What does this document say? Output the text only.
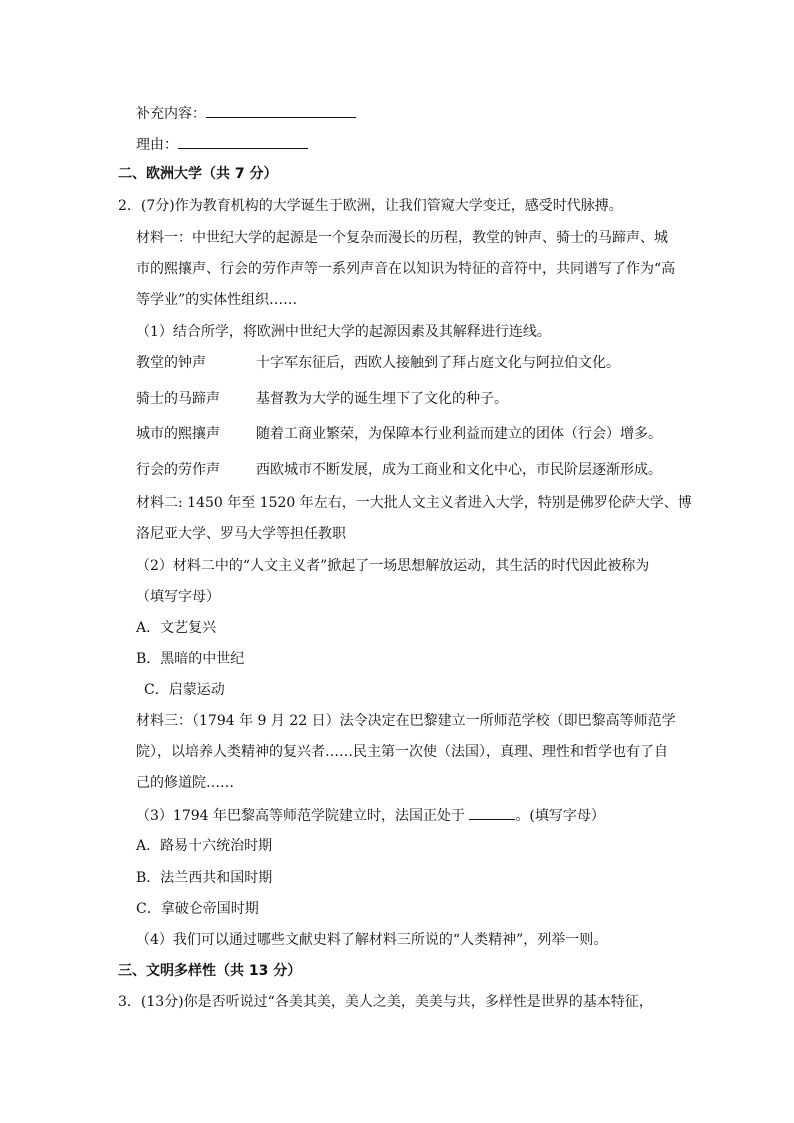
补充内容：
理由：
二、欧洲大学（共 7 分）
2．(7分)作为教育机构的大学诞生于欧洲，让我们管窥大学变迁，感受时代脉搏。
材料一：中世纪大学的起源是一个复杂而漫长的历程，教堂的钟声、骑士的马蹄声、城
市的熙攘声、行会的劳作声等一系列声音在以知识为特征的音符中，共同谱写了作为“高
等学业”的实体性组织……
（1）结合所学，将欧洲中世纪大学的起源因素及其解释进行连线。
教堂的钟声	十字军东征后，西欧人接触到了拜占庭文化与阿拉伯文化。
骑士的马蹄声	基督教为大学的诞生埋下了文化的种子。
城市的熙攘声	随着工商业繁荣，为保障本行业利益而建立的团体（行会）增多。
行会的劳作声	西欧城市不断发展，成为工商业和文化中心，市民阶层逐渐形成。
材料二: 1450 年至 1520 年左右，一大批人文主义者进入大学，特别是佛罗伦萨大学、博
洛尼亚大学、罗马大学等担任教职
（2）材料二中的“人文主义者”掀起了一场思想解放运动，其生活的时代因此被称为
（填写字母）
A．文艺复兴
B．黑暗的中世纪
C．启蒙运动
材料三：（1794 年 9 月 22 日）法令决定在巴黎建立一所师范学校（即巴黎高等师范学
院），以培养人类精神的复兴者……民主第一次使（法国），真理、理性和哲学也有了自
己的修道院……
（3）1794 年巴黎高等师范学院建立时，法国正处于	。(填写字母）
A．路易十六统治时期
B．法兰西共和国时期
C．拿破仑帝国时期
（4）我们可以通过哪些文献史料了解材料三所说的“人类精神”，列举一则。
三、文明多样性（共 13 分）
3．(13分)你是否听说过“各美其美，美人之美，美美与共，多样性是世界的基本特征，
